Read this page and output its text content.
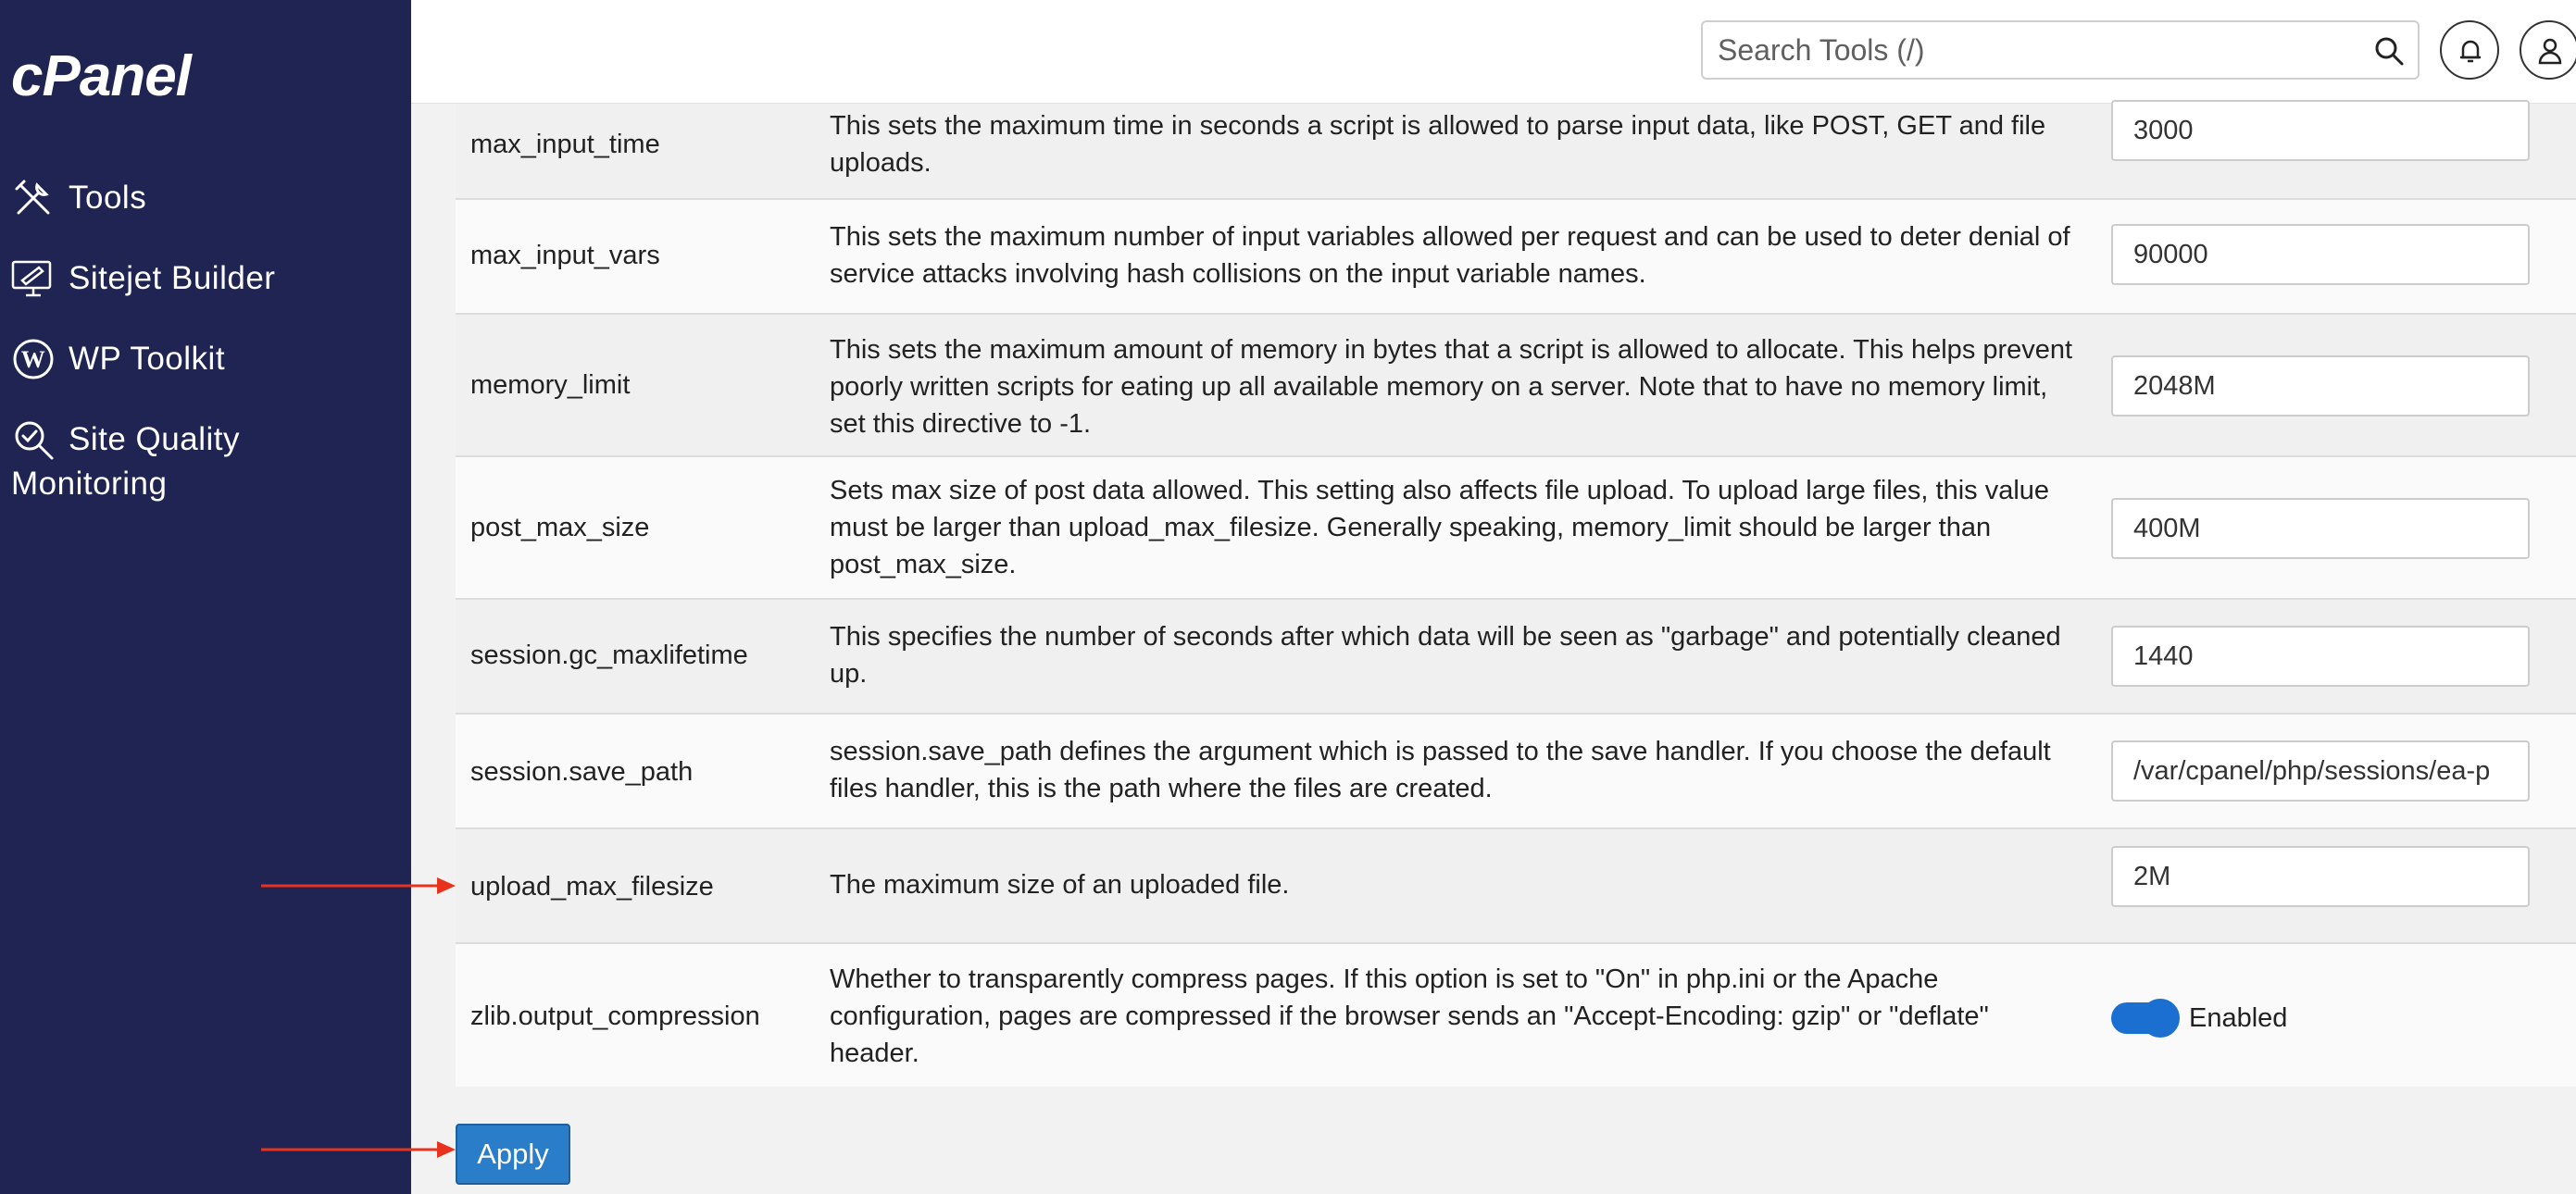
cPanel
Tools
Sitejet Builder
W WP Toolkit
Site Quality Monitoring
Search Tools (/)
max_input_time
This sets the maximum time in seconds a script is allowed to parse input data, like POST, GET and file uploads.
3000
max_input_vars
This sets the maximum number of input variables allowed per request and can be used to deter denial of service attacks involving hash collisions on the input variable names.
90000
memory_limit
This sets the maximum amount of memory in bytes that a script is allowed to allocate. This helps prevent poorly written scripts for eating up all available memory on a server. Note that to have no memory limit, set this directive to -1.
2048M
post_max_size
Sets max size of post data allowed. This setting also affects file upload. To upload large files, this value must be larger than upload_max_filesize. Generally speaking, memory_limit should be larger than post_max_size.
400M
session.gc_maxlifetime
This specifies the number of seconds after which data will be seen as "garbage" and potentially cleaned up.
1440
session.save_path
session.save_path defines the argument which is passed to the save handler. If you choose the default files handler, this is the path where the files are created.
/var/cpanel/php/sessions/ea-p
upload_max_filesize	The maximum size of an uploaded file.	2M
zlib.output_compression
Whether to transparently compress pages. If this option is set to "On" in php.ini or the Apache configuration, pages are compressed if the browser sends an "Accept-Encoding: gzip" or "deflate" header.
Enabled
Apply
